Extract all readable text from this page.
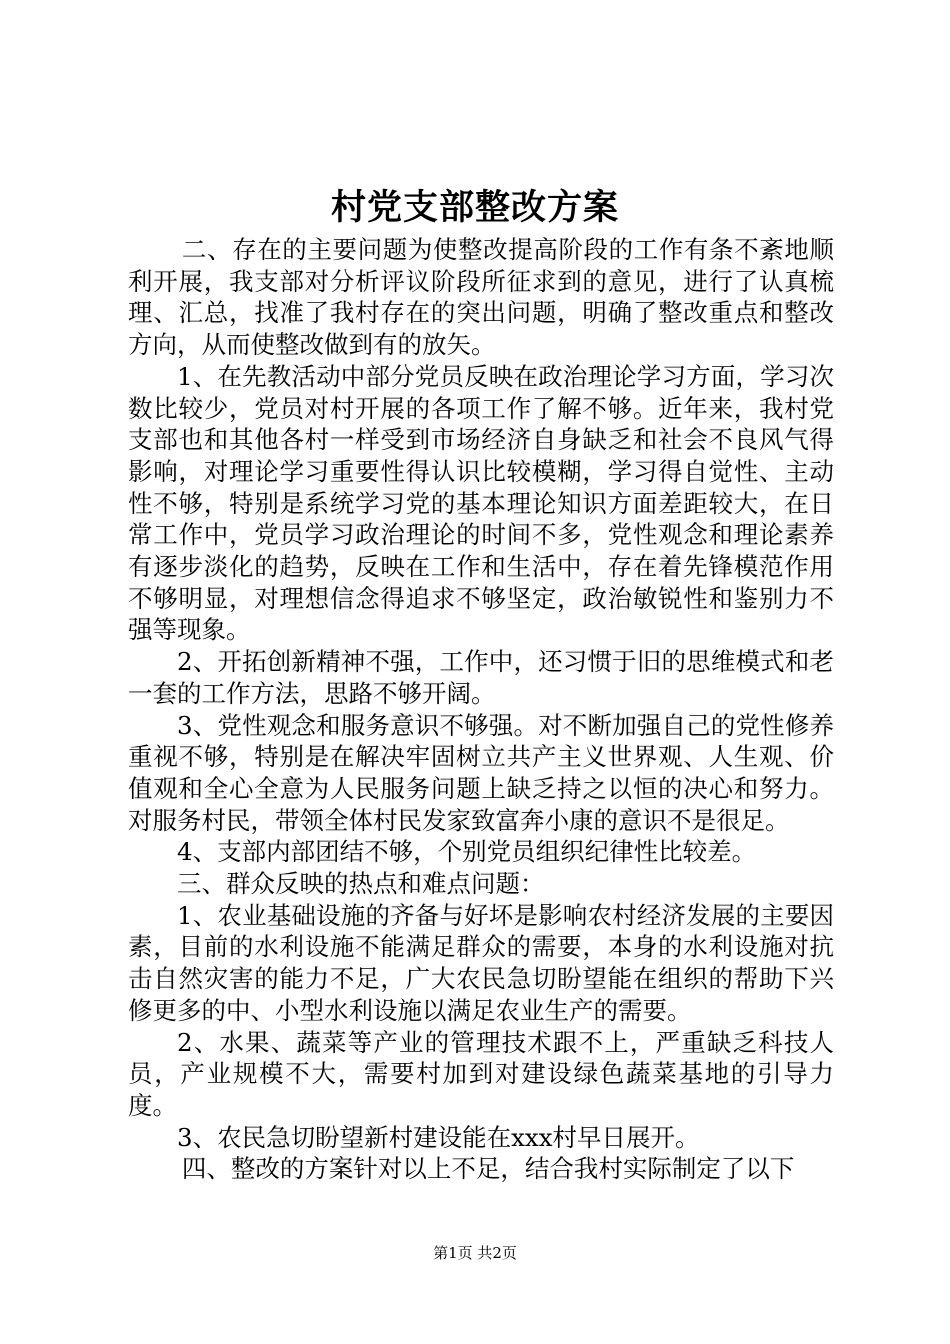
村党支部整改方案

二、存在的主要问题为使整改提高阶段的工作有条不紊地顺利开展，我支部对分析评议阶段所征求到的意见，进行了认真梳理、汇总，找准了我村存在的突出问题，明确了整改重点和整改方向，从而使整改做到有的放矢。

1、在先教活动中部分党员反映在政治理论学习方面，学习次数比较少，党员对村开展的各项工作了解不够。近年来，我村党支部也和其他各村一样受到市场经济自身缺乏和社会不良风气得影响，对理论学习重要性得认识比较模糊，学习得自觉性、主动性不够，特别是系统学习党的基本理论知识方面差距较大，在日常工作中，党员学习政治理论的时间不多，党性观念和理论素养有逐步淡化的趋势，反映在工作和生活中，存在着先锋模范作用不够明显，对理想信念得追求不够坚定，政治敏锐性和鉴别力不强等现象。

2、开拓创新精神不强，工作中，还习惯于旧的思维模式和老一套的工作方法，思路不够开阔。

3、党性观念和服务意识不够强。对不断加强自己的党性修养重视不够，特别是在解决牢固树立共产主义世界观、人生观、价值观和全心全意为人民服务问题上缺乏持之以恒的决心和努力。对服务村民，带领全体村民发家致富奔小康的意识不是很足。

4、支部内部团结不够，个别党员组织纪律性比较差。

三、群众反映的热点和难点问题：

1、农业基础设施的齐备与好坏是影响农村经济发展的主要因素，目前的水利设施不能满足群众的需要，本身的水利设施对抗击自然灾害的能力不足，广大农民急切盼望能在组织的帮助下兴修更多的中、小型水利设施以满足农业生产的需要。

2、水果、蔬菜等产业的管理技术跟不上，严重缺乏科技人员，产业规模不大，需要村加到对建设绿色蔬菜基地的引导力度。

3、农民急切盼望新村建设能在xxx村早日展开。

四、整改的方案针对以上不足，结合我村实际制定了以下

第1页 共2页
